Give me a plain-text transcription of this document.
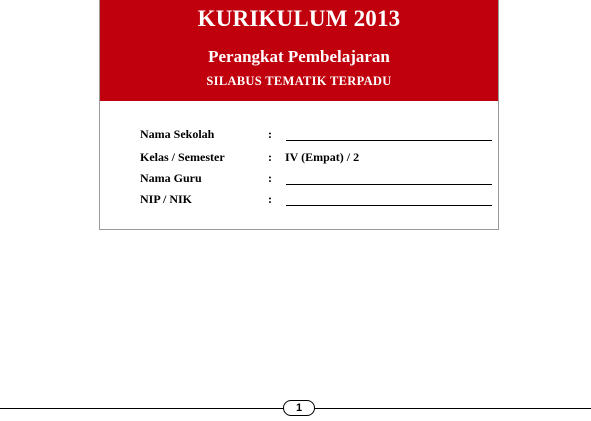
KURIKULUM 2013
Perangkat Pembelajaran
SILABUS TEMATIK TERPADU
Nama Sekolah	:
Kelas / Semester	: IV (Empat) / 2
Nama Guru	:
NIP / NIK	:
1
